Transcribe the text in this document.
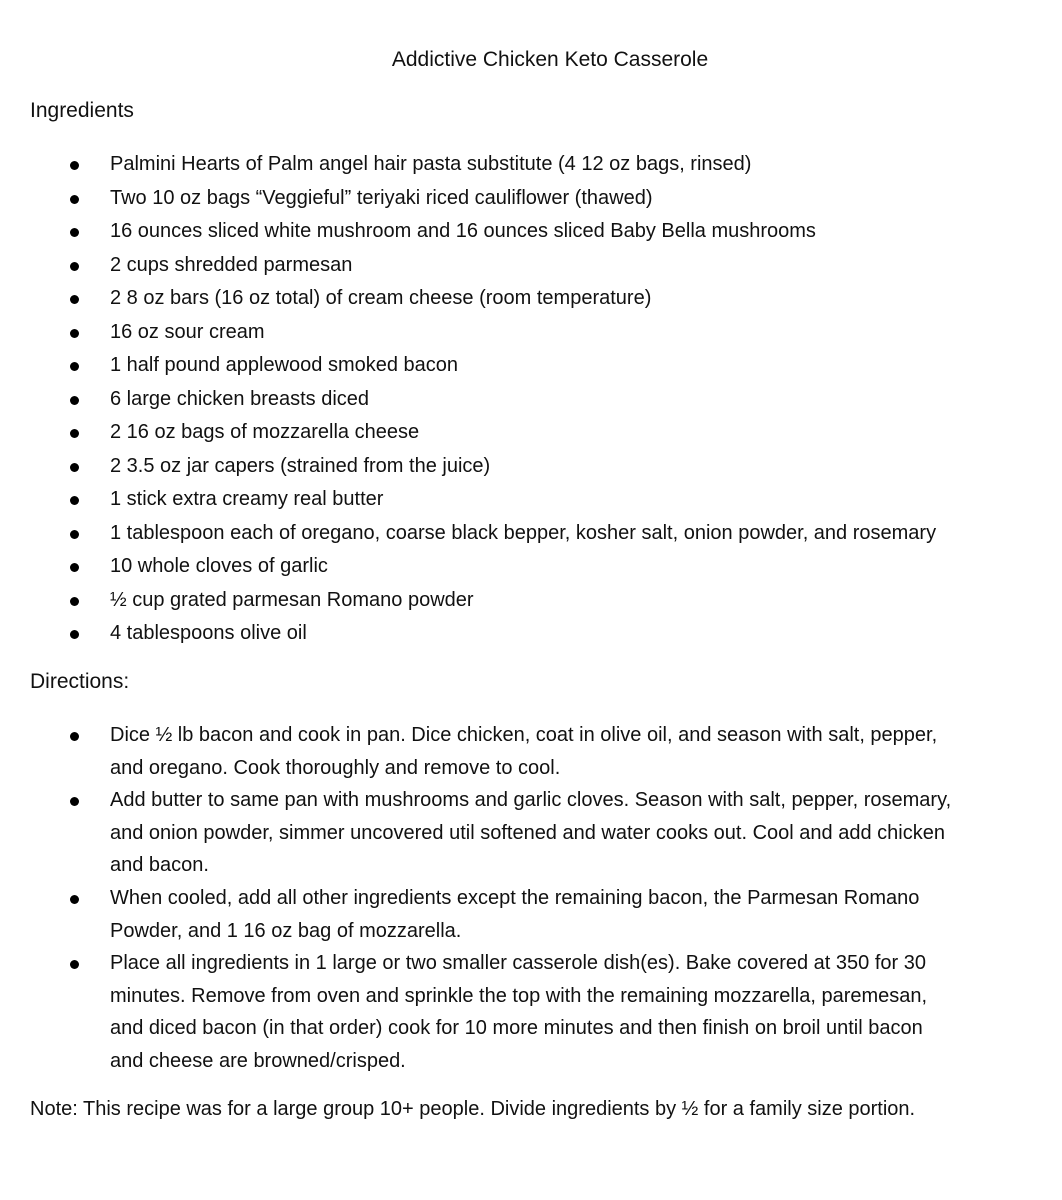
Addictive Chicken Keto Casserole
Ingredients
Palmini Hearts of Palm angel hair pasta substitute (4 12 oz bags, rinsed)
Two 10 oz bags “Veggieful” teriyaki riced cauliflower (thawed)
16 ounces sliced white mushroom and 16 ounces sliced Baby Bella mushrooms
2 cups shredded parmesan
2 8 oz bars (16 oz total) of cream cheese (room temperature)
16 oz sour cream
1 half pound applewood smoked bacon
6 large chicken breasts diced
2 16 oz bags of mozzarella cheese
2 3.5 oz jar capers (strained from the juice)
1 stick extra creamy real butter
1 tablespoon each of oregano, coarse black bepper, kosher salt, onion powder, and rosemary
10 whole cloves of garlic
½ cup grated parmesan Romano powder
4 tablespoons olive oil
Directions:
Dice ½ lb bacon and cook in pan. Dice chicken, coat in olive oil, and season with salt, pepper,
and oregano. Cook thoroughly and remove to cool.
Add butter to same pan with mushrooms and garlic cloves. Season with salt, pepper, rosemary,
and onion powder, simmer uncovered util softened and water cooks out. Cool and add chicken
and bacon.
When cooled, add all other ingredients except the remaining bacon, the Parmesan Romano
Powder, and 1 16 oz bag of mozzarella.
Place all ingredients in 1 large or two smaller casserole dish(es). Bake covered at 350 for 30
minutes. Remove from oven and sprinkle the top with the remaining mozzarella, paremesan,
and diced bacon (in that order) cook for 10 more minutes and then finish on broil until bacon
and cheese are browned/crisped.
Note: This recipe was for a large group 10+ people. Divide ingredients by ½ for a family size portion.
